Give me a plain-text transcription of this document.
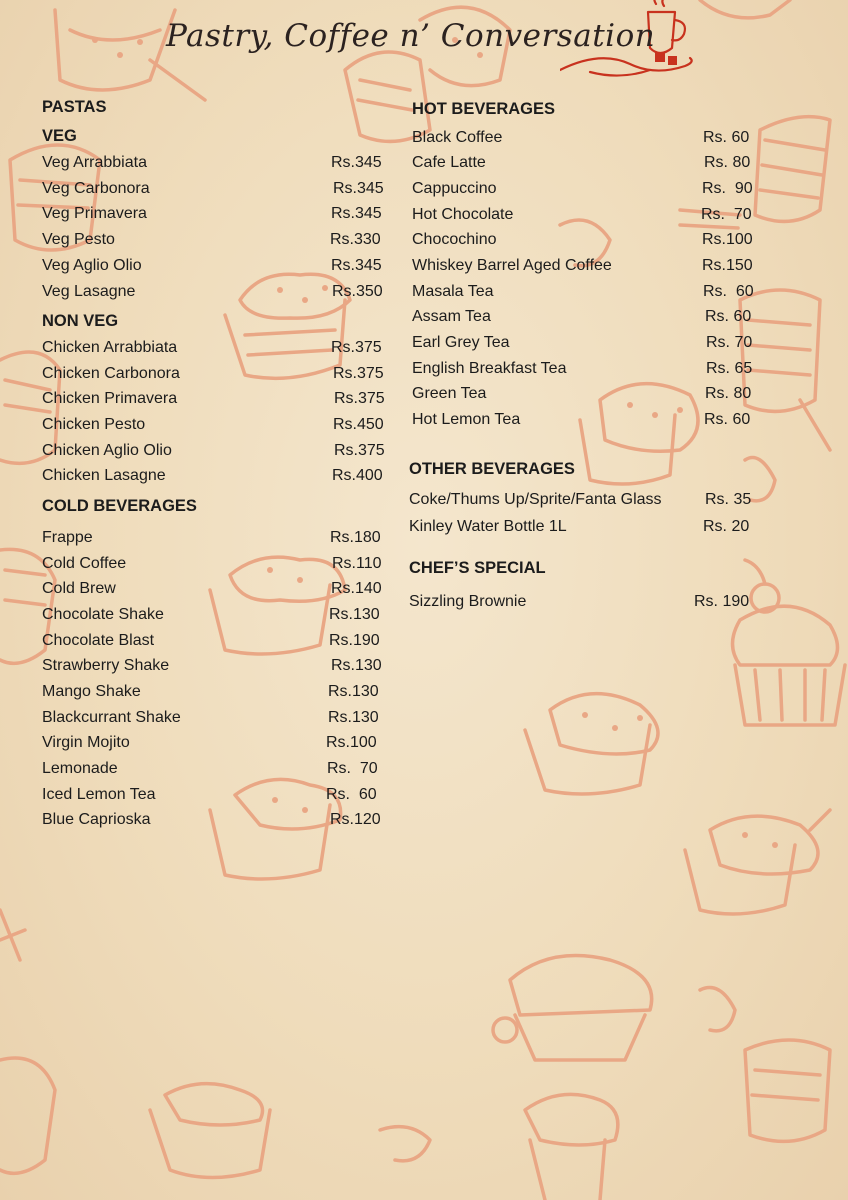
Pastry, Coffee n’ Conversation
PASTAS
VEG
Veg Arrabbiata	Rs.345
Veg Carbonora	Rs.345
Veg Primavera	Rs.345
Veg Pesto	Rs.330
Veg Aglio Olio	Rs.345
Veg Lasagne	Rs.350
NON VEG
Chicken Arrabbiata	Rs.375
Chicken Carbonora	Rs.375
Chicken Primavera	Rs.375
Chicken Pesto	Rs.450
Chicken Aglio Olio	Rs.375
Chicken Lasagne	Rs.400
COLD BEVERAGES
Frappe	Rs.180
Cold Coffee	Rs.110
Cold Brew	Rs.140
Chocolate Shake	Rs.130
Chocolate Blast	Rs.190
Strawberry Shake	Rs.130
Mango Shake	Rs.130
Blackcurrant Shake	Rs.130
Virgin Mojito	Rs.100
Lemonade	Rs.  70
Iced Lemon Tea	Rs.  60
Blue Caprioska	Rs.120
HOT BEVERAGES
Black Coffee	Rs. 60
Cafe Latte	Rs. 80
Cappuccino	Rs.  90
Hot Chocolate	Rs.  70
Chocochino	Rs.100
Whiskey Barrel Aged Coffee	Rs.150
Masala Tea	Rs.  60
Assam Tea	Rs. 60
Earl Grey Tea	Rs. 70
English Breakfast Tea	Rs. 65
Green Tea	Rs. 80
Hot Lemon Tea	Rs. 60
OTHER BEVERAGES
Coke/Thums Up/Sprite/Fanta Glass	Rs. 35
Kinley Water Bottle 1L	Rs. 20
CHEF’S SPECIAL
Sizzling Brownie	Rs. 190
